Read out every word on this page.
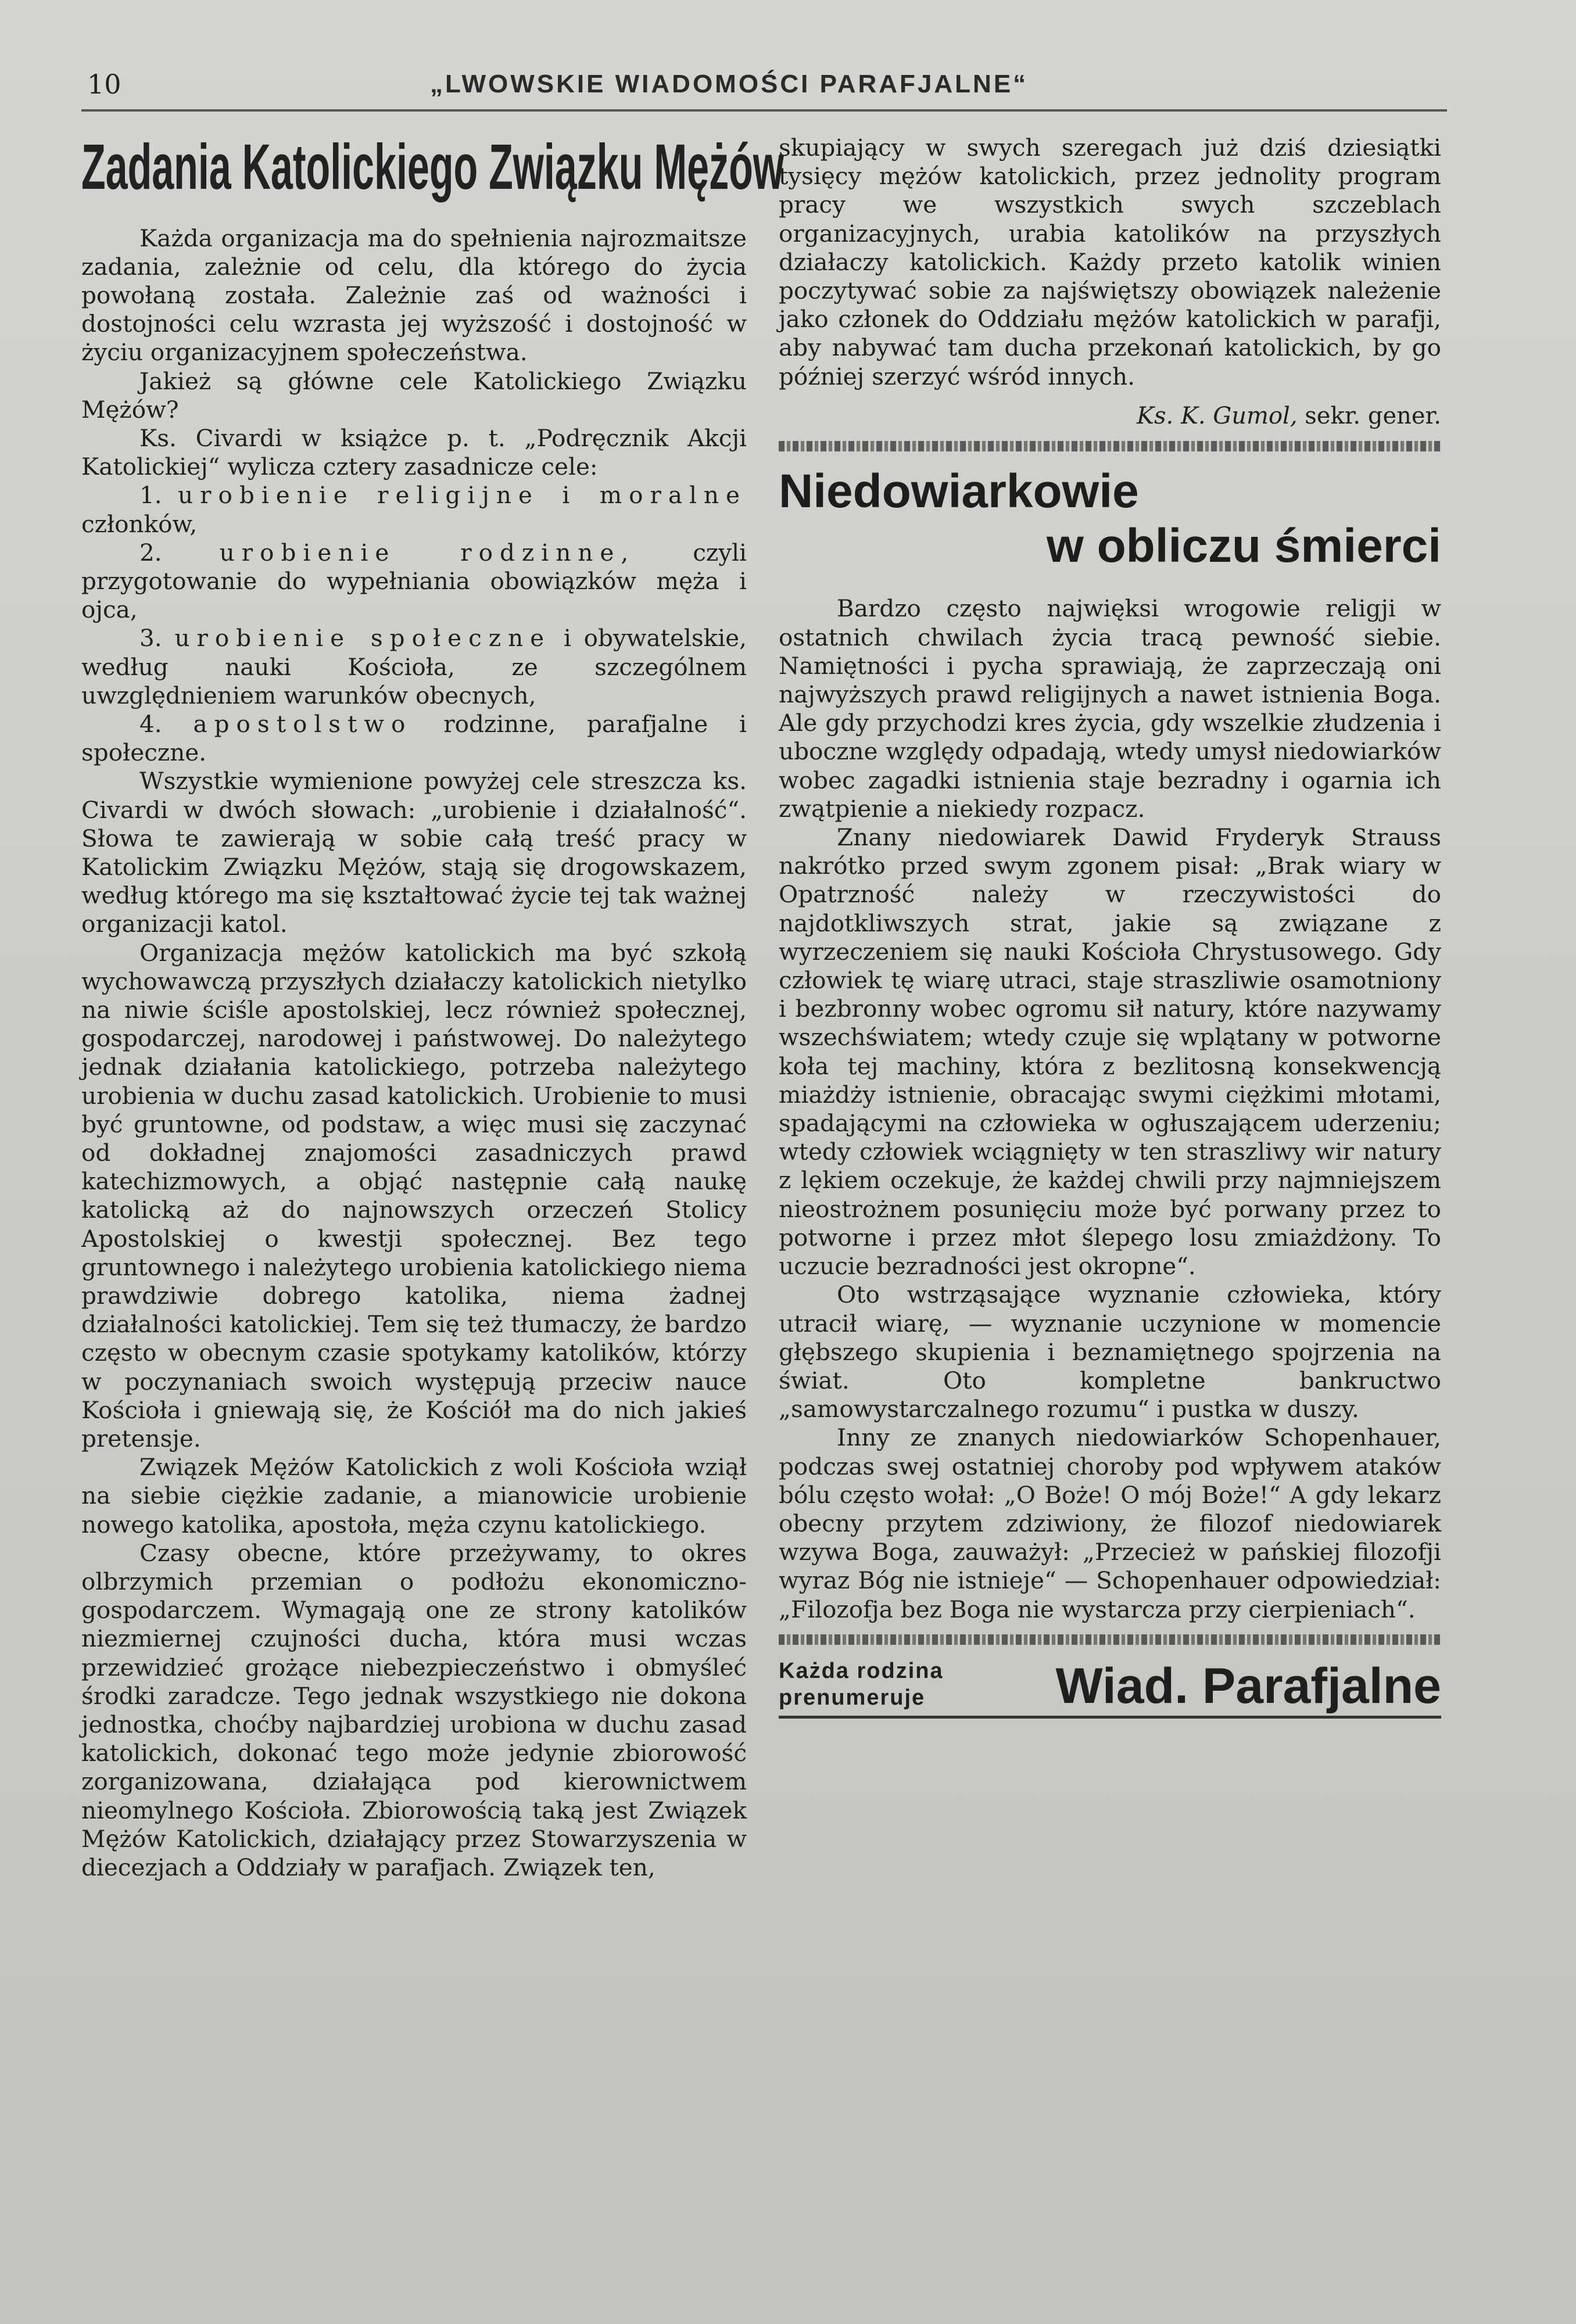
10	„LWOWSKIE WIADOMOŚCI PARAFJALNE“
Zadania Katolickiego Związku Mężów

Każda organizacja ma do spełnienia najrozmaitsze zadania, zależnie od celu, dla którego do życia powołaną została. Zależnie zaś od ważności i dostojności celu wzrasta jej wyższość i dostojność w życiu organizacyjnem społeczeństwa.

Jakież są główne cele Katolickiego Związku Mężów?

Ks. Civardi w książce p. t. „Podręcznik Akcji Katolickiej“ wylicza cztery zasadnicze cele:

1. urobienie religijne i moralne członków,

2. urobienie rodzinne, czyli przygotowanie do wypełniania obowiązków męża i ojca,

3. urobienie społeczne i obywatelskie, według nauki Kościoła, ze szczególnem uwzględnieniem warunków obecnych,

4. apostolstwo rodzinne, parafjalne i społeczne.

Wszystkie wymienione powyżej cele streszcza ks. Civardi w dwóch słowach: „urobienie i działalność“. Słowa te zawierają w sobie całą treść pracy w Katolickim Związku Mężów, stają się drogowskazem, według którego ma się kształtować życie tej tak ważnej organizacji katol.

Organizacja mężów katolickich ma być szkołą wychowawczą przyszłych działaczy katolickich nietylko na niwie ściśle apostolskiej, lecz również społecznej, gospodarczej, narodowej i państwowej. Do należytego jednak działania katolickiego, potrzeba należytego urobienia w duchu zasad katolickich. Urobienie to musi być gruntowne, od podstaw, a więc musi się zaczynać od dokładnej znajomości zasadniczych prawd katechizmowych, a objąć następnie całą naukę katolicką aż do najnowszych orzeczeń Stolicy Apostolskiej o kwestji społecznej. Bez tego gruntownego i należytego urobienia katolickiego niema prawdziwie dobrego katolika, niema żadnej działalności katolickiej. Tem się też tłumaczy, że bardzo często w obecnym czasie spotykamy katolików, którzy w poczynaniach swoich występują przeciw nauce Kościoła i gniewają się, że Kościół ma do nich jakieś pretensje.

Związek Mężów Katolickich z woli Kościoła wziął na siebie ciężkie zadanie, a mianowicie urobienie nowego katolika, apostoła, męża czynu katolickiego.

Czasy obecne, które przeżywamy, to okres olbrzymich przemian o podłożu ekonomiczno-gospodarczem. Wymagają one ze strony katolików niezmiernej czujności ducha, która musi wczas przewidzieć grożące niebezpieczeństwo i obmyśleć środki zaradcze. Tego jednak wszystkiego nie dokona jednostka, choćby najbardziej urobiona w duchu zasad katolickich, dokonać tego może jedynie zbiorowość zorganizowana, działająca pod kierownictwem nieomylnego Kościoła. Zbiorowością taką jest Związek Mężów Katolickich, działający przez Stowarzyszenia w diecezjach a Oddziały w parafjach. Związek ten,

skupiający w swych szeregach już dziś dziesiątki tysięcy mężów katolickich, przez jednolity program pracy we wszystkich swych szczeblach organizacyjnych, urabia katolików na przyszłych działaczy katolickich. Każdy przeto katolik winien poczytywać sobie za najświętszy obowiązek należenie jako członek do Oddziału mężów katolickich w parafji, aby nabywać tam ducha przekonań katolickich, by go później szerzyć wśród innych.

Ks. K. Gumol, sekr. gener.
Niedowiarkowie
w obliczu śmierci

Bardzo często najwięksi wrogowie religji w ostatnich chwilach życia tracą pewność siebie. Namiętności i pycha sprawiają, że zaprzeczają oni najwyższych prawd religijnych a nawet istnienia Boga. Ale gdy przychodzi kres życia, gdy wszelkie złudzenia i uboczne względy odpadają, wtedy umysł niedowiarków wobec zagadki istnienia staje bezradny i ogarnia ich zwątpienie a niekiedy rozpacz.

Znany niedowiarek Dawid Fryderyk Strauss nakrótko przed swym zgonem pisał: „Brak wiary w Opatrzność należy w rzeczywistości do najdotkliwszych strat, jakie są związane z wyrzeczeniem się nauki Kościoła Chrystusowego. Gdy człowiek tę wiarę utraci, staje straszliwie osamotniony i bezbronny wobec ogromu sił natury, które nazywamy wszechświatem; wtedy czuje się wplątany w potworne koła tej machiny, która z bezlitosną konsekwencją miażdży istnienie, obracając swymi ciężkimi młotami, spadającymi na człowieka w ogłuszającem uderzeniu; wtedy człowiek wciągnięty w ten straszliwy wir natury z lękiem oczekuje, że każdej chwili przy najmniejszem nieostrożnem posunięciu może być porwany przez to potworne i przez młot ślepego losu zmiażdżony. To uczucie bezradności jest okropne“.

Oto wstrząsające wyznanie człowieka, który utracił wiarę, — wyznanie uczynione w momencie głębszego skupienia i beznamiętnego spojrzenia na świat. Oto kompletne bankructwo „samowystarczalnego rozumu“ i pustka w duszy.

Inny ze znanych niedowiarków Schopenhauer, podczas swej ostatniej choroby pod wpływem ataków bólu często wołał: „O Boże! O mój Boże!“ A gdy lekarz obecny przytem zdziwiony, że filozof niedowiarek wzywa Boga, zauważył: „Przecież w pańskiej filozofji wyraz Bóg nie istnieje“ — Schopenhauer odpowiedział: „Filozofja bez Boga nie wystarcza przy cierpieniach“.

Każda rodzina
prenumeruje	Wiad. Parafjalne
